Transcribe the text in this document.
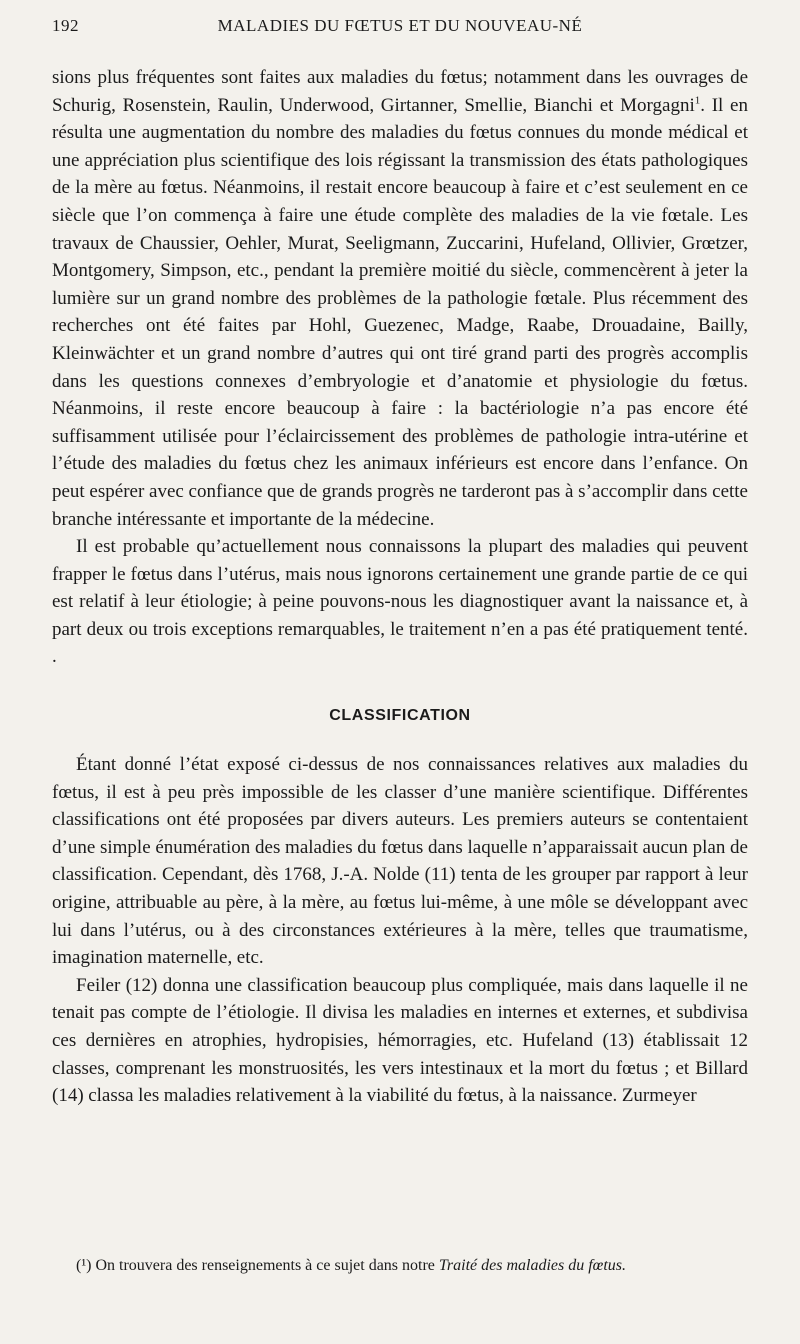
192	MALADIES DU FŒTUS ET DU NOUVEAU-NÉ

sions plus fréquentes sont faites aux maladies du fœtus; notamment dans les ouvrages de Schurig, Rosenstein, Raulin, Underwood, Girtanner, Smellie, Bianchi et Morgagni$^1$. Il en résulta une augmentation du nombre des maladies du fœtus connues du monde médical et une appréciation plus scientifique des lois régissant la transmission des états pathologiques de la mère au fœtus. Néanmoins, il restait encore beaucoup à faire et c’est seulement en ce siècle que l’on commença à faire une étude complète des maladies de la vie fœtale. Les travaux de Chaussier, Oehler, Murat, Seeligmann, Zuccarini, Hufeland, Ollivier, Grœtzer, Montgomery, Simpson, etc., pendant la première moitié du siècle, commencèrent à jeter la lumière sur un grand nombre des problèmes de la pathologie fœtale. Plus récemment des recherches ont été faites par Hohl, Guezenec, Madge, Raabe, Drouadaine, Bailly, Kleinwächter et un grand nombre d’autres qui ont tiré grand parti des progrès accomplis dans les questions connexes d’embryologie et d’anatomie et physiologie du fœtus. Néanmoins, il reste encore beaucoup à faire : la bactériologie n’a pas encore été suffisamment utilisée pour l’éclaircissement des problèmes de pathologie intra-utérine et l’étude des maladies du fœtus chez les animaux inférieurs est encore dans l’enfance. On peut espérer avec confiance que de grands progrès ne tarderont pas à s’accomplir dans cette branche intéressante et importante de la médecine.

Il est probable qu’actuellement nous connaissons la plupart des maladies qui peuvent frapper le fœtus dans l’utérus, mais nous ignorons certainement une grande partie de ce qui est relatif à leur étiologie; à peine pouvons-nous les diagnostiquer avant la naissance et, à part deux ou trois exceptions remarquables, le traitement n’en a pas été pratiquement tenté. .

CLASSIFICATION

Étant donné l’état exposé ci-dessus de nos connaissances relatives aux maladies du fœtus, il est à peu près impossible de les classer d’une manière scientifique. Différentes classifications ont été proposées par divers auteurs. Les premiers auteurs se contentaient d’une simple énumération des maladies du fœtus dans laquelle n’apparaissait aucun plan de classification. Cependant, dès 1768, J.-A. Nolde (11) tenta de les grouper par rapport à leur origine, attribuable au père, à la mère, au fœtus lui-même, à une môle se développant avec lui dans l’utérus, ou à des circonstances extérieures à la mère, telles que traumatisme, imagination maternelle, etc.

Feiler (12) donna une classification beaucoup plus compliquée, mais dans laquelle il ne tenait pas compte de l’étiologie. Il divisa les maladies en internes et externes, et subdivisa ces dernières en atrophies, hydropisies, hémorragies, etc. Hufeland (13) établissait 12 classes, comprenant les monstruosités, les vers intestinaux et la mort du fœtus ; et Billard (14) classa les maladies relativement à la viabilité du fœtus, à la naissance. Zurmeyer

(¹) On trouvera des renseignements à ce sujet dans notre Traité des maladies du fœtus.
